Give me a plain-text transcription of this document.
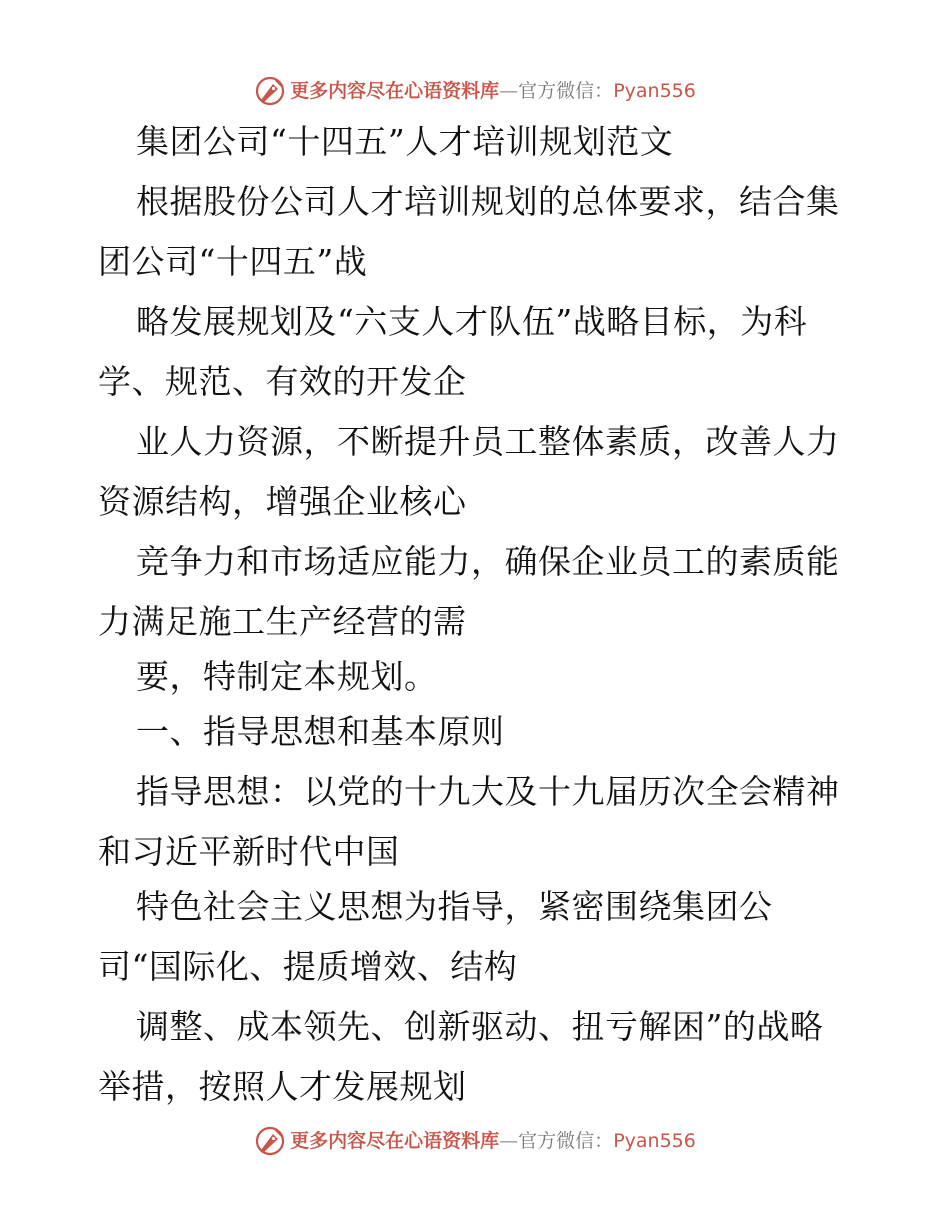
更多内容尽在心语资料库 — 官方微信： Pyan556
集团公司“十四五”人才培训规划范文
根据股份公司人才培训规划的总体要求，结合集
团公司“十四五”战
略发展规划及“六支人才队伍”战略目标，为科
学、规范、有效的开发企
业人力资源，不断提升员工整体素质，改善人力
资源结构，增强企业核心
竞争力和市场适应能力，确保企业员工的素质能
力满足施工生产经营的需
要，特制定本规划。
一、指导思想和基本原则
指导思想：以党的十九大及十九届历次全会精神
和习近平新时代中国
特色社会主义思想为指导，紧密围绕集团公
司“国际化、提质增效、结构
调整、成本领先、创新驱动、扭亏解困”的战略
举措，按照人才发展规划
更多内容尽在心语资料库 — 官方微信： Pyan556
